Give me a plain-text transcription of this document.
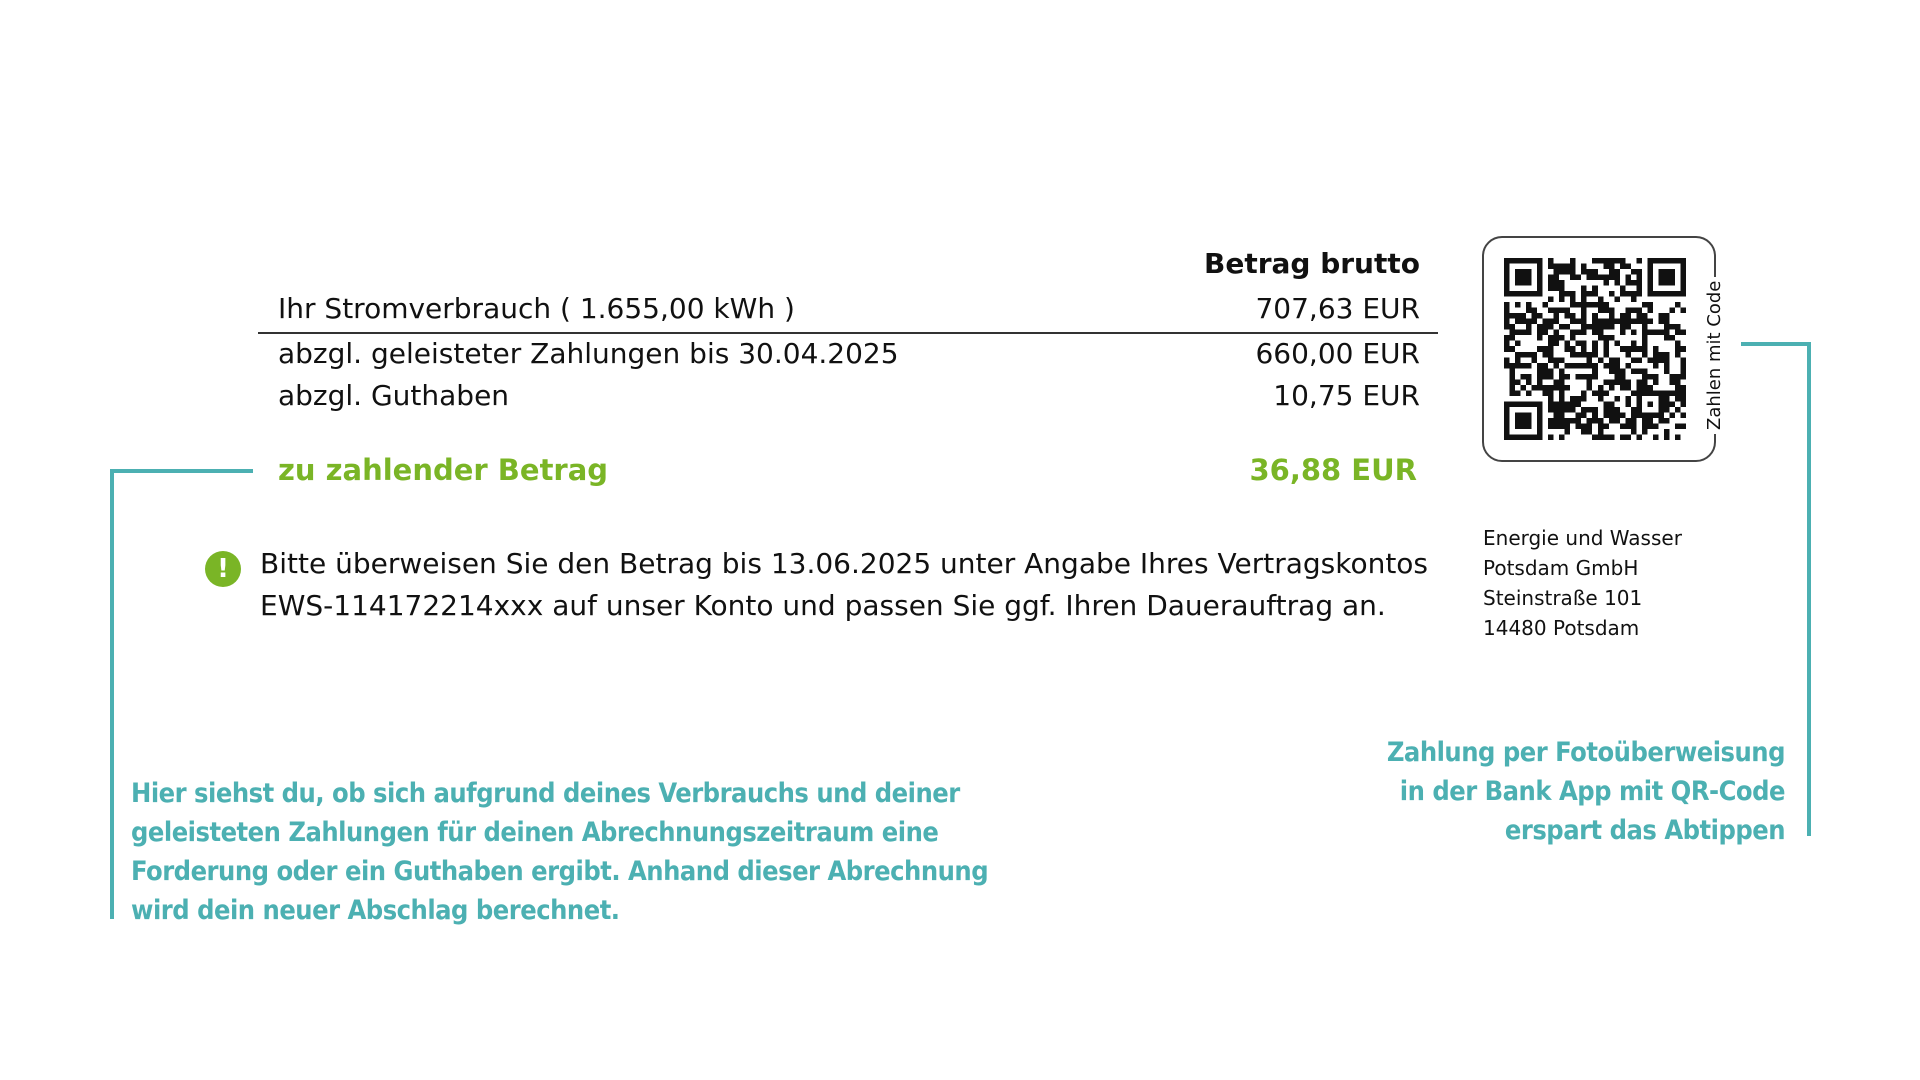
Betrag brutto
Ihr Stromverbrauch ( 1.655,00 kWh )	707,63 EUR
abzgl. geleisteter Zahlungen bis 30.04.2025	660,00 EUR
abzgl. Guthaben	10,75 EUR
zu zahlender Betrag	36,88 EUR
!	Bitte überweisen Sie den Betrag bis 13.06.2025 unter Angabe Ihres Vertragskontos
EWS-114172214xxx auf unser Konto und passen Sie ggf. Ihren Dauerauftrag an.
Zahlen mit Code
Energie und Wasser
Potsdam GmbH
Steinstraße 101
14480 Potsdam
Hier siehst du, ob sich aufgrund deines Verbrauchs und deiner
geleisteten Zahlungen für deinen Abrechnungszeitraum eine
Forderung oder ein Guthaben ergibt. Anhand dieser Abrechnung
wird dein neuer Abschlag berechnet.
Zahlung per Fotoüberweisung
in der Bank App mit QR-Code
erspart das Abtippen
